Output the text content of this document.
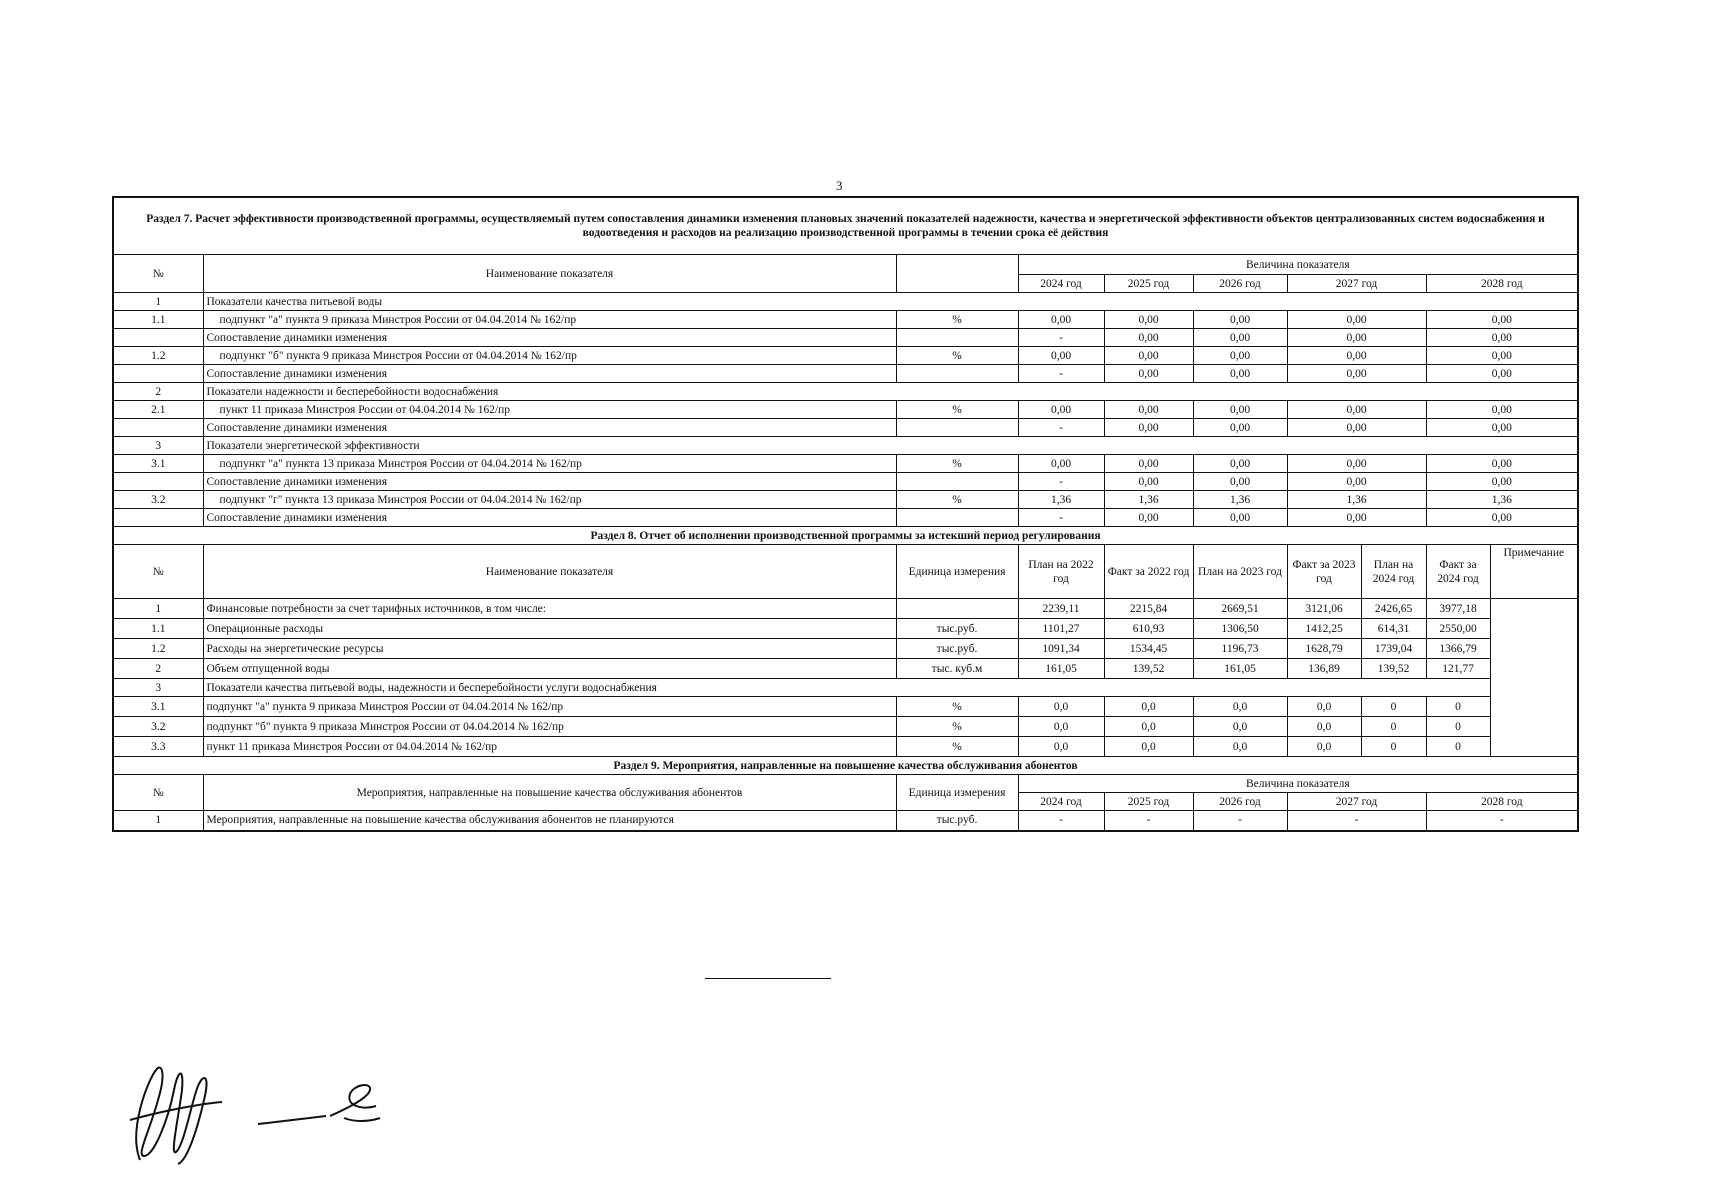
3
Раздел 7. Расчет эффективности производственной программы, осуществляемый путем сопоставления динамики изменения плановых значений показателей надежности, качества и энергетической эффективности объектов централизованных систем водоснабжения и водоотведения и расходов на реализацию производственной программы в течении срока её действия									
№	Наименование показателя		Величина показателя						
			2024 год	2025 год	2026 год	2027 год		2028 год	
1	Показатели качества питьевой воды								
1.1	подпункт "а" пункта 9 приказа Минстроя России от 04.04.2014 № 162/пр	%	0,00	0,00	0,00	0,00		0,00	
	Сопоставление динамики изменения		-	0,00	0,00	0,00		0,00	
1.2	подпункт "б" пункта 9 приказа Минстроя России от 04.04.2014 № 162/пр	%	0,00	0,00	0,00	0,00		0,00	
	Сопоставление динамики изменения		-	0,00	0,00	0,00		0,00	
2	Показатели надежности и бесперебойности водоснабжения								
2.1	пункт 11 приказа Минстроя России от 04.04.2014 № 162/пр	%	0,00	0,00	0,00	0,00		0,00	
	Сопоставление динамики изменения		-	0,00	0,00	0,00		0,00	
3	Показатели энергетической эффективности								
3.1	подпункт "а" пункта 13 приказа Минстроя России от 04.04.2014 № 162/пр	%	0,00	0,00	0,00	0,00		0,00	
	Сопоставление динамики изменения		-	0,00	0,00	0,00		0,00	
3.2	подпункт "г" пункта 13 приказа Минстроя России от 04.04.2014 № 162/пр	%	1,36	1,36	1,36	1,36		1,36	
	Сопоставление динамики изменения		-	0,00	0,00	0,00		0,00	
Раздел 8. Отчет об исполнении производственной программы за истекший период регулирования									
№	Наименование показателя	Единица измерения	План на 2022 год	Факт за 2022 год	План на 2023 год	Факт за 2023 год	План на 2024 год	Факт за 2024 год	Примечание
1	Финансовые потребности за счет тарифных источников, в том числе:		2239,11	2215,84	2669,51	3121,06	2426,65	3977,18	
1.1	Операционные расходы	тыс.руб.	1101,27	610,93	1306,50	1412,25	614,31	2550,00	
1.2	Расходы на энергетические ресурсы	тыс.руб.	1091,34	1534,45	1196,73	1628,79	1739,04	1366,79	
2	Объем отпущенной воды	тыс. куб.м	161,05	139,52	161,05	136,89	139,52	121,77	
3	Показатели качества питьевой воды, надежности и бесперебойности услуги водоснабжения								
3.1	подпункт "а" пункта 9 приказа Минстроя России от 04.04.2014 № 162/пр	%	0,0	0,0	0,0	0,0	0	0	
3.2	подпункт "б" пункта 9 приказа Минстроя России от 04.04.2014 № 162/пр	%	0,0	0,0	0,0	0,0	0	0	
3.3	пункт 11 приказа Минстроя России от 04.04.2014 № 162/пр	%	0,0	0,0	0,0	0,0	0	0	
Раздел 9. Мероприятия, направленные на повышение качества обслуживания абонентов									
№	Мероприятия, направленные на повышение качества обслуживания абонентов	Единица измерения	Величина показателя						
			2024 год	2025 год	2026 год	2027 год		2028 год	
1	Мероприятия, направленные на повышение качества обслуживания абонентов не планируются	тыс.руб.	-	-	-	-		-	
